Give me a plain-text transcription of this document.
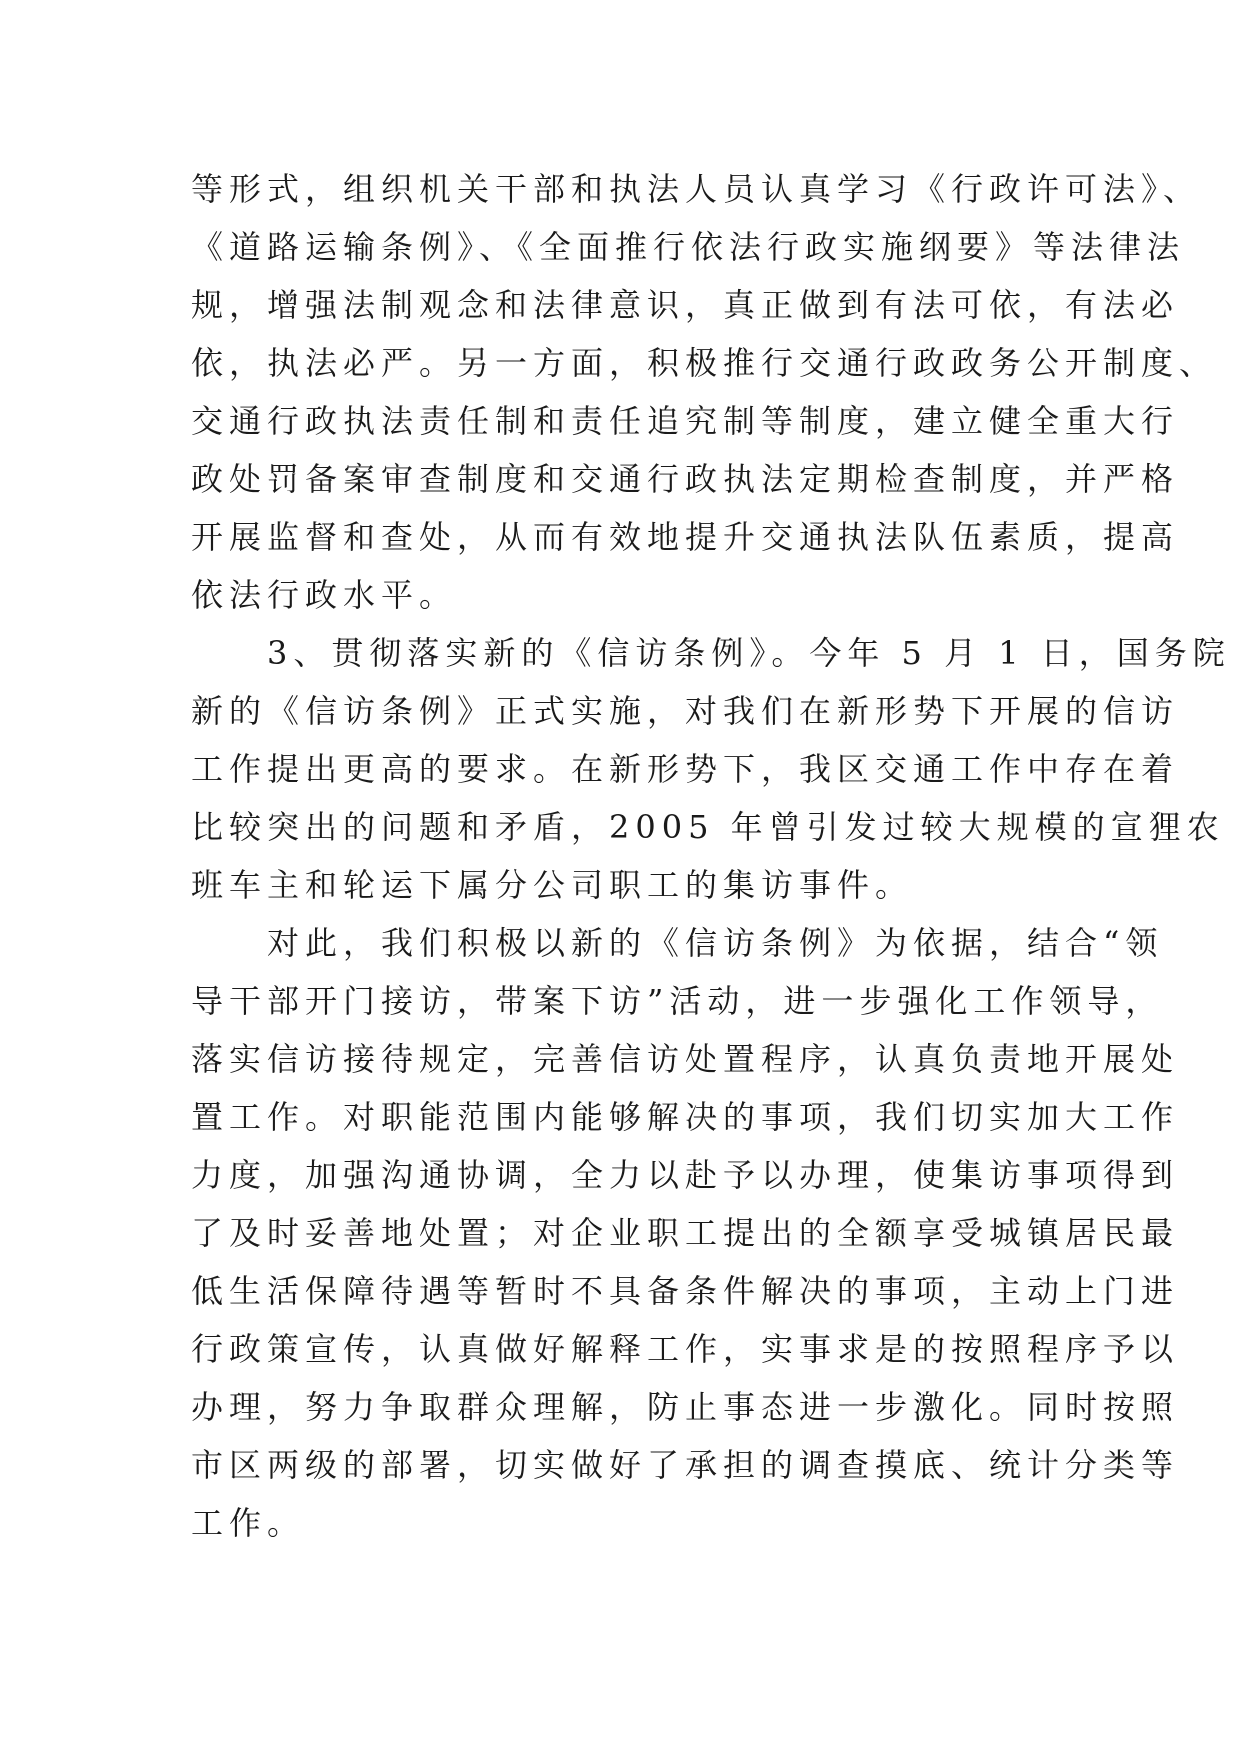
等形式，组织机关干部和执法人员认真学习《行政许可法》、
《道路运输条例》、《全面推行依法行政实施纲要》等法律法
规，增强法制观念和法律意识，真正做到有法可依，有法必
依，执法必严。另一方面，积极推行交通行政政务公开制度、
交通行政执法责任制和责任追究制等制度，建立健全重大行
政处罚备案审查制度和交通行政执法定期检查制度，并严格
开展监督和查处，从而有效地提升交通执法队伍素质，提高
依法行政水平。
　　3、贯彻落实新的《信访条例》。今年 5 月 1 日，国务院
新的《信访条例》正式实施，对我们在新形势下开展的信访
工作提出更高的要求。在新形势下，我区交通工作中存在着
比较突出的问题和矛盾，2005 年曾引发过较大规模的宣狸农
班车主和轮运下属分公司职工的集访事件。
　　对此，我们积极以新的《信访条例》为依据，结合“领
导干部开门接访，带案下访”活动，进一步强化工作领导，
落实信访接待规定，完善信访处置程序，认真负责地开展处
置工作。对职能范围内能够解决的事项，我们切实加大工作
力度，加强沟通协调，全力以赴予以办理，使集访事项得到
了及时妥善地处置；对企业职工提出的全额享受城镇居民最
低生活保障待遇等暂时不具备条件解决的事项，主动上门进
行政策宣传，认真做好解释工作，实事求是的按照程序予以
办理，努力争取群众理解，防止事态进一步激化。同时按照
市区两级的部署，切实做好了承担的调查摸底、统计分类等
工作。
